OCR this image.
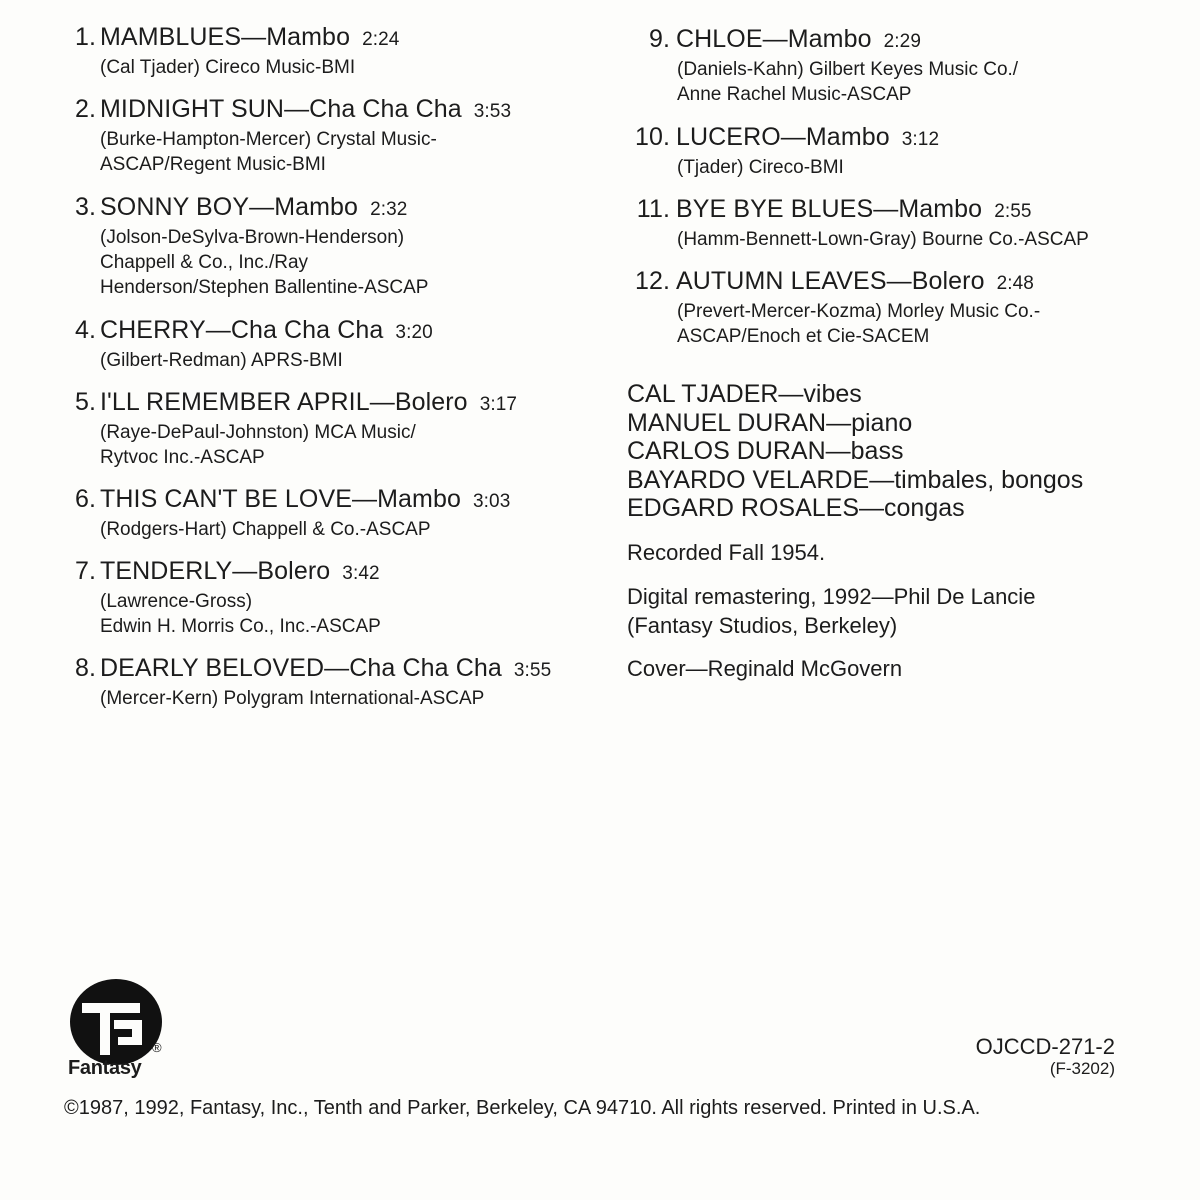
1. MAMBLUES—Mambo 2:24
(Cal Tjader) Cireco Music-BMI
2. MIDNIGHT SUN—Cha Cha Cha 3:53
(Burke-Hampton-Mercer) Crystal Music-
ASCAP/Regent Music-BMI
3. SONNY BOY—Mambo 2:32
(Jolson-DeSylva-Brown-Henderson)
Chappell & Co., Inc./Ray
Henderson/Stephen Ballentine-ASCAP
4. CHERRY—Cha Cha Cha 3:20
(Gilbert-Redman) APRS-BMI
5. I'LL REMEMBER APRIL—Bolero 3:17
(Raye-DePaul-Johnston) MCA Music/
Rytvoc Inc.-ASCAP
6. THIS CAN'T BE LOVE—Mambo 3:03
(Rodgers-Hart) Chappell & Co.-ASCAP
7. TENDERLY—Bolero 3:42
(Lawrence-Gross)
Edwin H. Morris Co., Inc.-ASCAP
8. DEARLY BELOVED—Cha Cha Cha 3:55
(Mercer-Kern) Polygram International-ASCAP
9. CHLOE—Mambo 2:29
(Daniels-Kahn) Gilbert Keyes Music Co./
Anne Rachel Music-ASCAP
10. LUCERO—Mambo 3:12
(Tjader) Cireco-BMI
11. BYE BYE BLUES—Mambo 2:55
(Hamm-Bennett-Lown-Gray) Bourne Co.-ASCAP
12. AUTUMN LEAVES—Bolero 2:48
(Prevert-Mercer-Kozma) Morley Music Co.-
ASCAP/Enoch et Cie-SACEM
CAL TJADER—vibes
MANUEL DURAN—piano
CARLOS DURAN—bass
BAYARDO VELARDE—timbales, bongos
EDGARD ROSALES—congas
Recorded Fall 1954.
Digital remastering, 1992—Phil De Lancie
(Fantasy Studios, Berkeley)
Cover—Reginald McGovern
Fantasy
®	OJCCD-271-2
(F-3202)
©1987, 1992, Fantasy, Inc., Tenth and Parker, Berkeley, CA 94710. All rights reserved. Printed in U.S.A.
